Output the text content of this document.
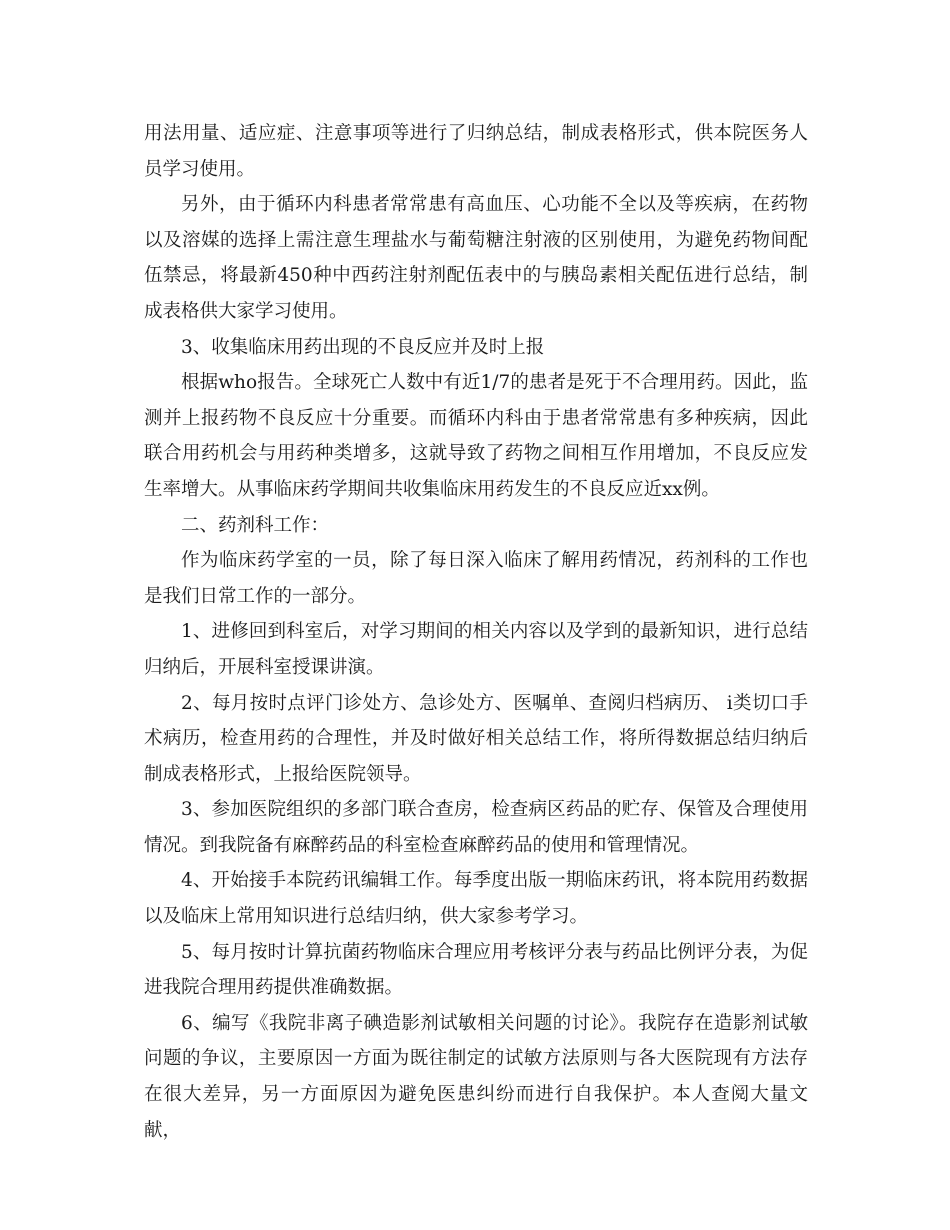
用法用量、适应症、注意事项等进行了归纳总结，制成表格形式，供本院医务人员学习使用。

另外，由于循环内科患者常常患有高血压、心功能不全以及等疾病，在药物以及溶媒的选择上需注意生理盐水与葡萄糖注射液的区别使用，为避免药物间配伍禁忌，将最新450种中西药注射剂配伍表中的与胰岛素相关配伍进行总结，制成表格供大家学习使用。

3、收集临床用药出现的不良反应并及时上报

根据who报告。全球死亡人数中有近1/7的患者是死于不合理用药。因此，监测并上报药物不良反应十分重要。而循环内科由于患者常常患有多种疾病，因此联合用药机会与用药种类增多，这就导致了药物之间相互作用增加，不良反应发生率增大。从事临床药学期间共收集临床用药发生的不良反应近xx例。

二、药剂科工作：

作为临床药学室的一员，除了每日深入临床了解用药情况，药剂科的工作也是我们日常工作的一部分。

1、进修回到科室后，对学习期间的相关内容以及学到的最新知识，进行总结归纳后，开展科室授课讲演。

2、每月按时点评门诊处方、急诊处方、医嘱单、查阅归档病历、 i类切口手术病历，检查用药的合理性，并及时做好相关总结工作，将所得数据总结归纳后制成表格形式，上报给医院领导。

3、参加医院组织的多部门联合查房，检查病区药品的贮存、保管及合理使用情况。到我院备有麻醉药品的科室检查麻醉药品的使用和管理情况。

4、开始接手本院药讯编辑工作。每季度出版一期临床药讯，将本院用药数据以及临床上常用知识进行总结归纳，供大家参考学习。

5、每月按时计算抗菌药物临床合理应用考核评分表与药品比例评分表，为促进我院合理用药提供准确数据。

6、编写《我院非离子碘造影剂试敏相关问题的讨论》。我院存在造影剂试敏问题的争议，主要原因一方面为既往制定的试敏方法原则与各大医院现有方法存在很大差异，另一方面原因为避免医患纠纷而进行自我保护。本人查阅大量文献，
